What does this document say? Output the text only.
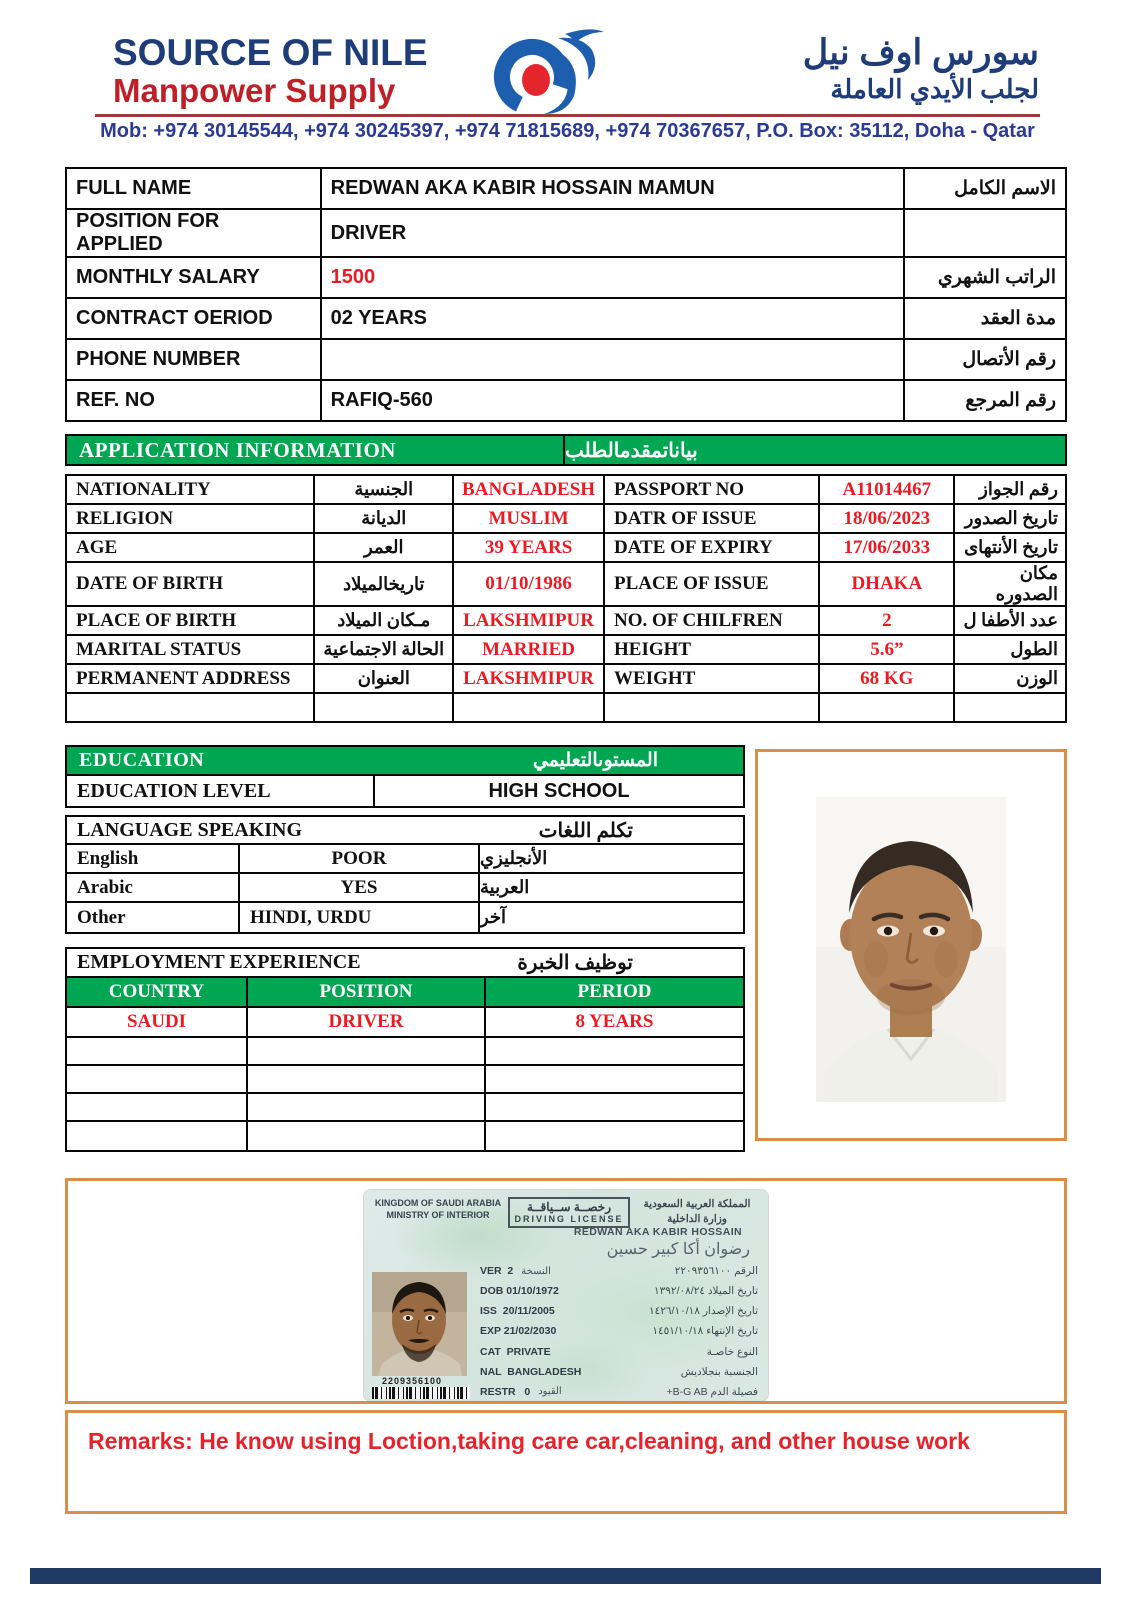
SOURCE OF NILE
Manpower Supply
سورس اوف نيل
لجلب الأيدي العاملة
Mob: +974 30145544, +974 30245397, +974 71815689, +974 70367657, P.O. Box: 35112, Doha - Qatar
FULL NAME	REDWAN AKA KABIR HOSSAIN MAMUN	الاسم الكامل
POSITION FOR APPLIED	DRIVER	
MONTHLY SALARY	1500	الراتب الشهري
CONTRACT OERIOD	02 YEARS	مدة العقد
PHONE NUMBER		رقم الأتصال
REF. NO	RAFIQ-560	رقم المرجع
APPLICATION INFORMATION	بياناتمقدمالطلب
NATIONALITY	الجنسية	BANGLADESH	PASSPORT NO	A11014467	رقم الجواز
RELIGION	الديانة	MUSLIM	DATR OF ISSUE	18/06/2023	تاريخ الصدور
AGE	العمر	39 YEARS	DATE OF EXPIRY	17/06/2033	تاريخ الأنتهاى
DATE OF BIRTH	تاريخالميلاد	01/10/1986	PLACE OF ISSUE	DHAKA	مكان الصدوره
PLACE OF BIRTH	مـكان الميلاد	LAKSHMIPUR	NO. OF CHILFREN	2	عدد الأطفا ل
MARITAL STATUS	الحالة الاجتماعية	MARRIED	HEIGHT	5.6”	الطول
PERMANENT ADDRESS	العنوان	LAKSHMIPUR	WEIGHT	68 KG	الوزن

EDUCATION	المستوىالتعليمي
EDUCATION LEVEL	HIGH SCHOOL
LANGUAGE SPEAKING	تكلم اللغات
English	POOR	الأنجليزي
Arabic	YES	العربية
Other	HINDI, URDU	آخر
EMPLOYMENT EXPERIENCE	توظيف الخبرة
COUNTRY	POSITION	PERIOD
SAUDI	DRIVER	8 YEARS
KINGDOM OF SAUDI ARABIA
MINISTRY OF INTERIOR
رخصــة ســياقــة
DRIVING LICENSE
المملكة العربية السعودية
وزارة الداخلية
REDWAN AKA KABIR HOSSAIN
رضوان أكا كبير حسين
2209356100
VER  2 النسخة	الرقم ٢٢٠٩٣٥٦١٠٠
DOB 01/10/1972	تاريخ الميلاد ١٣٩٢/٠٨/٢٤
ISS  20/11/2005	تاريخ الإصدار ١٤٢٦/١٠/١٨
EXP 21/02/2030	تاريخ الإنتهاء ١٤٥١/١٠/١٨
CAT  PRIVATE	النوع خاصـة
NAL  BANGLADESH	الجنسبة بنجلاديش
RESTR   0 القيود	فصيلة الدم B-G AB+
Remarks: He know using Loction,taking care car,cleaning, and other house work
